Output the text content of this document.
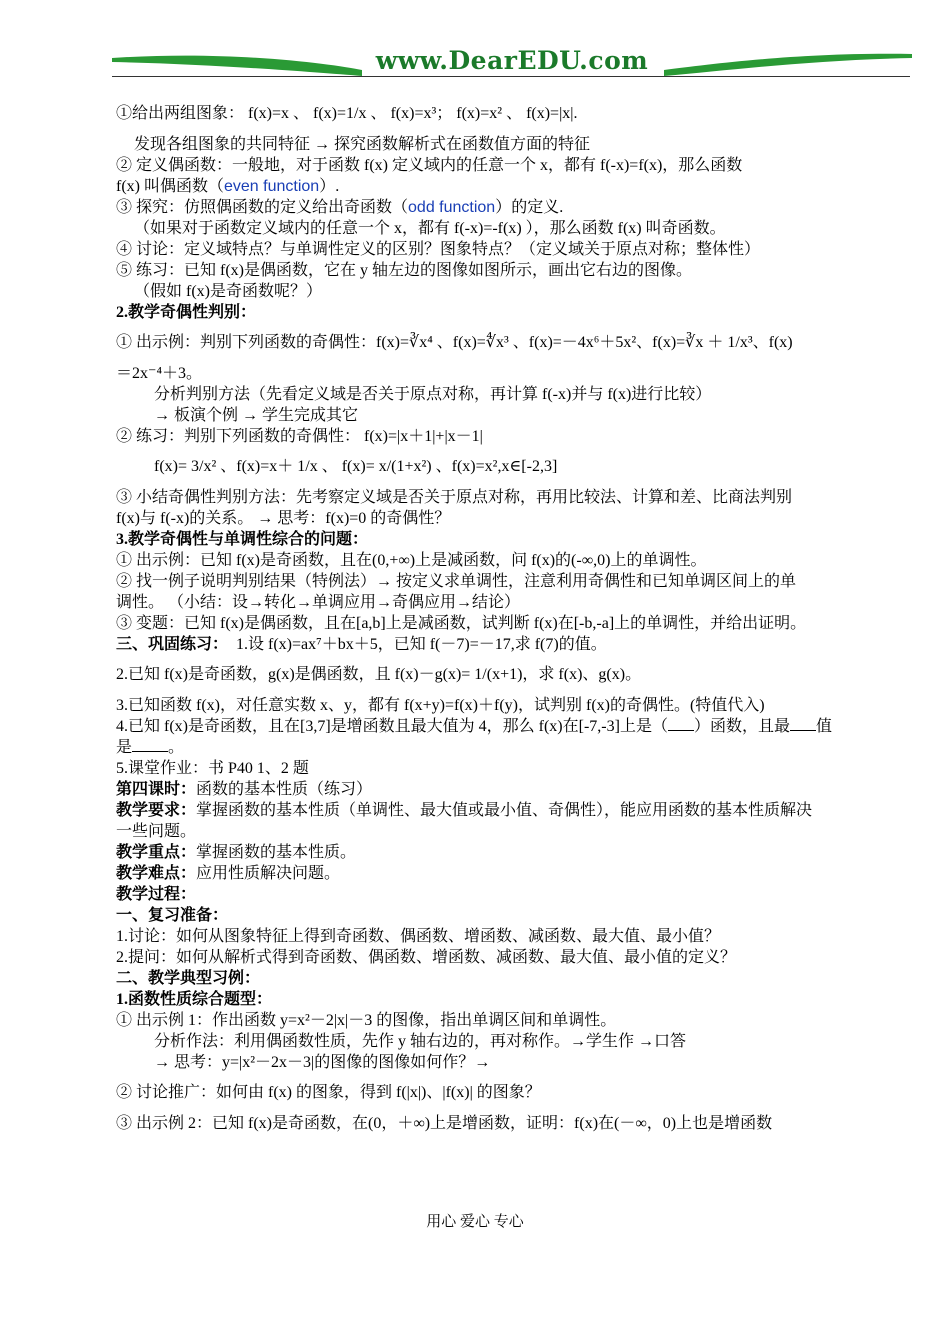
www.DearEDU.com
①给出两组图象： f(x)=x 、 f(x)=1/x 、 f(x)=x³； f(x)=x² 、 f(x)=|x|.
发现各组图象的共同特征 → 探究函数解析式在函数值方面的特征
② 定义偶函数：一般地，对于函数 f(x) 定义域内的任意一个 x，都有 f(-x)=f(x)，那么函数
f(x) 叫偶函数（even function）.
③ 探究：仿照偶函数的定义给出奇函数（odd function）的定义.
（如果对于函数定义域内的任意一个 x，都有 f(-x)=-f(x) ），那么函数 f(x) 叫奇函数。
④ 讨论：定义域特点？与单调性定义的区别？图象特点？（定义域关于原点对称；整体性）
⑤ 练习：已知 f(x)是偶函数，它在 y 轴左边的图像如图所示，画出它右边的图像。
（假如 f(x)是奇函数呢？）
2.教学奇偶性判别：
① 出示例：判别下列函数的奇偶性：f(x)=∛x⁴ 、f(x)=∜x³ 、f(x)=－4x⁶＋5x²、f(x)=∛x ＋ 1/x³、f(x)
＝2x⁻⁴＋3。
分析判别方法（先看定义域是否关于原点对称，再计算 f(-x)并与 f(x)进行比较）
→ 板演个例 → 学生完成其它
② 练习：判别下列函数的奇偶性： f(x)=|x＋1|+|x－1|
f(x)= 3/x² 、f(x)=x＋ 1/x 、 f(x)= x/(1+x²) 、f(x)=x²,x∈[-2,3]
③ 小结奇偶性判别方法：先考察定义域是否关于原点对称，再用比较法、计算和差、比商法判别
f(x)与 f(-x)的关系。 → 思考：f(x)=0 的奇偶性？
3.教学奇偶性与单调性综合的问题：
① 出示例：已知 f(x)是奇函数，且在(0,+∞)上是减函数，问 f(x)的(-∞,0)上的单调性。
② 找一例子说明判别结果（特例法）→ 按定义求单调性，注意利用奇偶性和已知单调区间上的单
调性。 （小结：设→转化→单调应用→奇偶应用→结论）
③ 变题：已知 f(x)是偶函数，且在[a,b]上是减函数，试判断 f(x)在[-b,-a]上的单调性，并给出证明。
三、巩固练习： 1.设 f(x)=ax⁷＋bx＋5，已知 f(－7)=－17,求 f(7)的值。
2.已知 f(x)是奇函数，g(x)是偶函数，且 f(x)－g(x)= 1/(x+1)，求 f(x)、g(x)。
3.已知函数 f(x)，对任意实数 x、y，都有 f(x+y)=f(x)＋f(y)，试判别 f(x)的奇偶性。(特值代入)
4.已知 f(x)是奇函数，且在[3,7]是增函数且最大值为 4，那么 f(x)在[-7,-3]上是（ ）函数，且最 值
是 。
5.课堂作业：书 P40 1、2 题
第四课时：函数的基本性质（练习）
教学要求：掌握函数的基本性质（单调性、最大值或最小值、奇偶性），能应用函数的基本性质解决
一些问题。
教学重点：掌握函数的基本性质。
教学难点：应用性质解决问题。
教学过程：
一、复习准备：
1.讨论：如何从图象特征上得到奇函数、偶函数、增函数、减函数、最大值、最小值？
2.提问：如何从解析式得到奇函数、偶函数、增函数、减函数、最大值、最小值的定义？
二、教学典型习例：
1.函数性质综合题型：
① 出示例 1：作出函数 y=x²－2|x|－3 的图像，指出单调区间和单调性。
分析作法：利用偶函数性质，先作 y 轴右边的，再对称作。→学生作 →口答
→ 思考：y=|x²－2x－3|的图像的图像如何作？→
② 讨论推广：如何由 f(x) 的图象，得到 f(|x|)、|f(x)| 的图象？
③ 出示例 2：已知 f(x)是奇函数，在(0，＋∞)上是增函数，证明：f(x)在(－∞，0)上也是增函数
用心 爱心 专心
